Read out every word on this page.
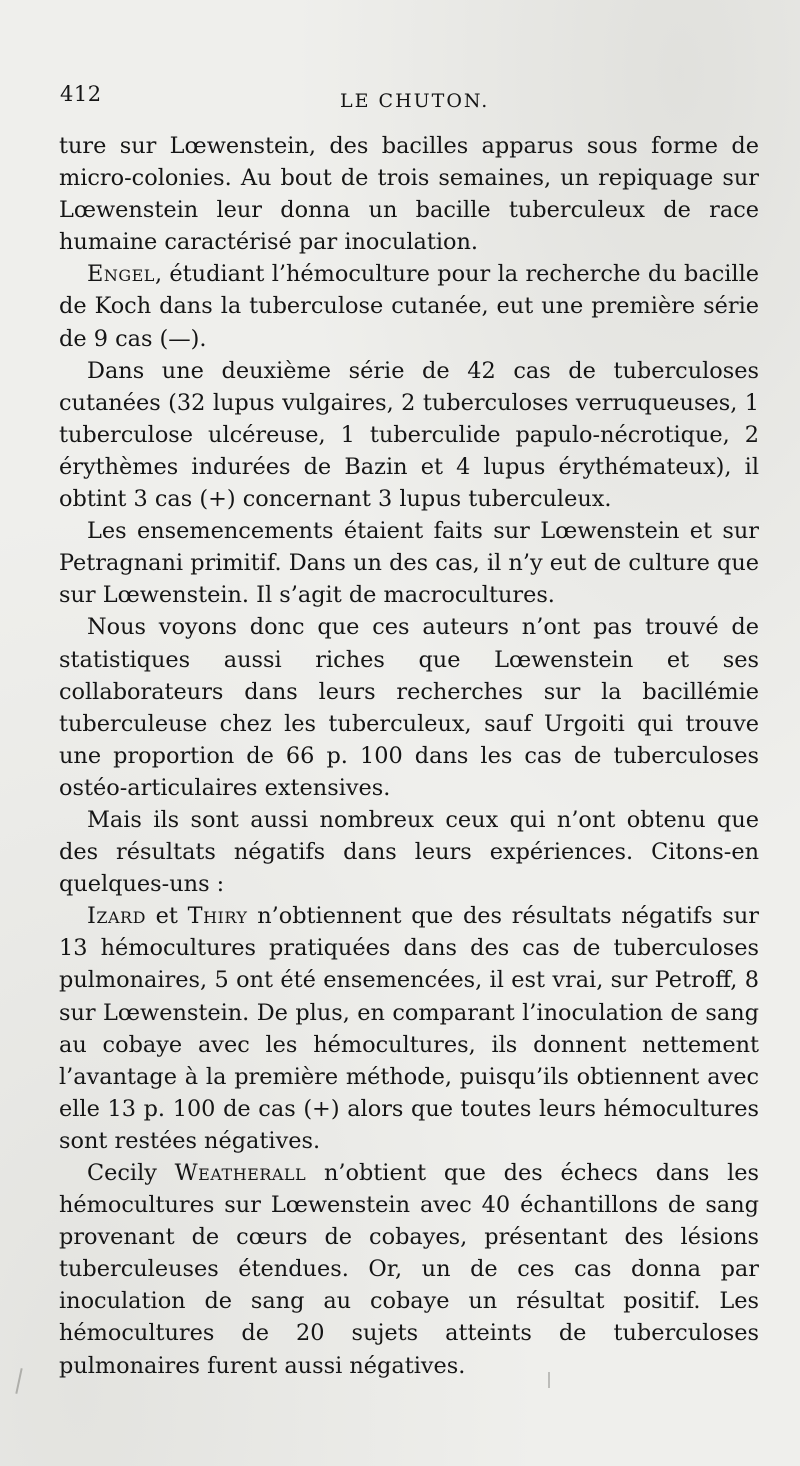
412	LE CHUTON.

ture sur Lœwenstein, des bacilles apparus sous forme de micro-colonies. Au bout de trois semaines, un repiquage sur Lœwenstein leur donna un bacille tuberculeux de race humaine caractérisé par inoculation.

Engel, étudiant l’hémoculture pour la recherche du bacille de Koch dans la tuberculose cutanée, eut une première série de 9 cas (—).

Dans une deuxième série de 42 cas de tuberculoses cutanées (32 lupus vulgaires, 2 tuberculoses verruqueuses, 1 tuberculose ulcéreuse, 1 tuberculide papulo-nécrotique, 2 érythèmes indurées de Bazin et 4 lupus érythémateux), il obtint 3 cas (+) concernant 3 lupus tuberculeux.

Les ensemencements étaient faits sur Lœwenstein et sur Petragnani primitif. Dans un des cas, il n’y eut de culture que sur Lœwenstein. Il s’agit de macrocultures.

Nous voyons donc que ces auteurs n’ont pas trouvé de statistiques aussi riches que Lœwenstein et ses collaborateurs dans leurs recherches sur la bacillémie tuberculeuse chez les tuberculeux, sauf Urgoiti qui trouve une proportion de 66 p. 100 dans les cas de tuberculoses ostéo-articulaires extensives.

Mais ils sont aussi nombreux ceux qui n’ont obtenu que des résultats négatifs dans leurs expériences. Citons-en quelques-uns :

Izard et Thiry n’obtiennent que des résultats négatifs sur 13 hémocultures pratiquées dans des cas de tuberculoses pulmonaires, 5 ont été ensemencées, il est vrai, sur Petroff, 8 sur Lœwenstein. De plus, en comparant l’inoculation de sang au cobaye avec les hémocultures, ils donnent nettement l’avantage à la première méthode, puisqu’ils obtiennent avec elle 13 p. 100 de cas (+) alors que toutes leurs hémocultures sont restées négatives.

Cecily Weatherall n’obtient que des échecs dans les hémocultures sur Lœwenstein avec 40 échantillons de sang provenant de cœurs de cobayes, présentant des lésions tuberculeuses étendues. Or, un de ces cas donna par inoculation de sang au cobaye un résultat positif. Les hémocultures de 20 sujets atteints de tuberculoses pulmonaires furent aussi négatives.
